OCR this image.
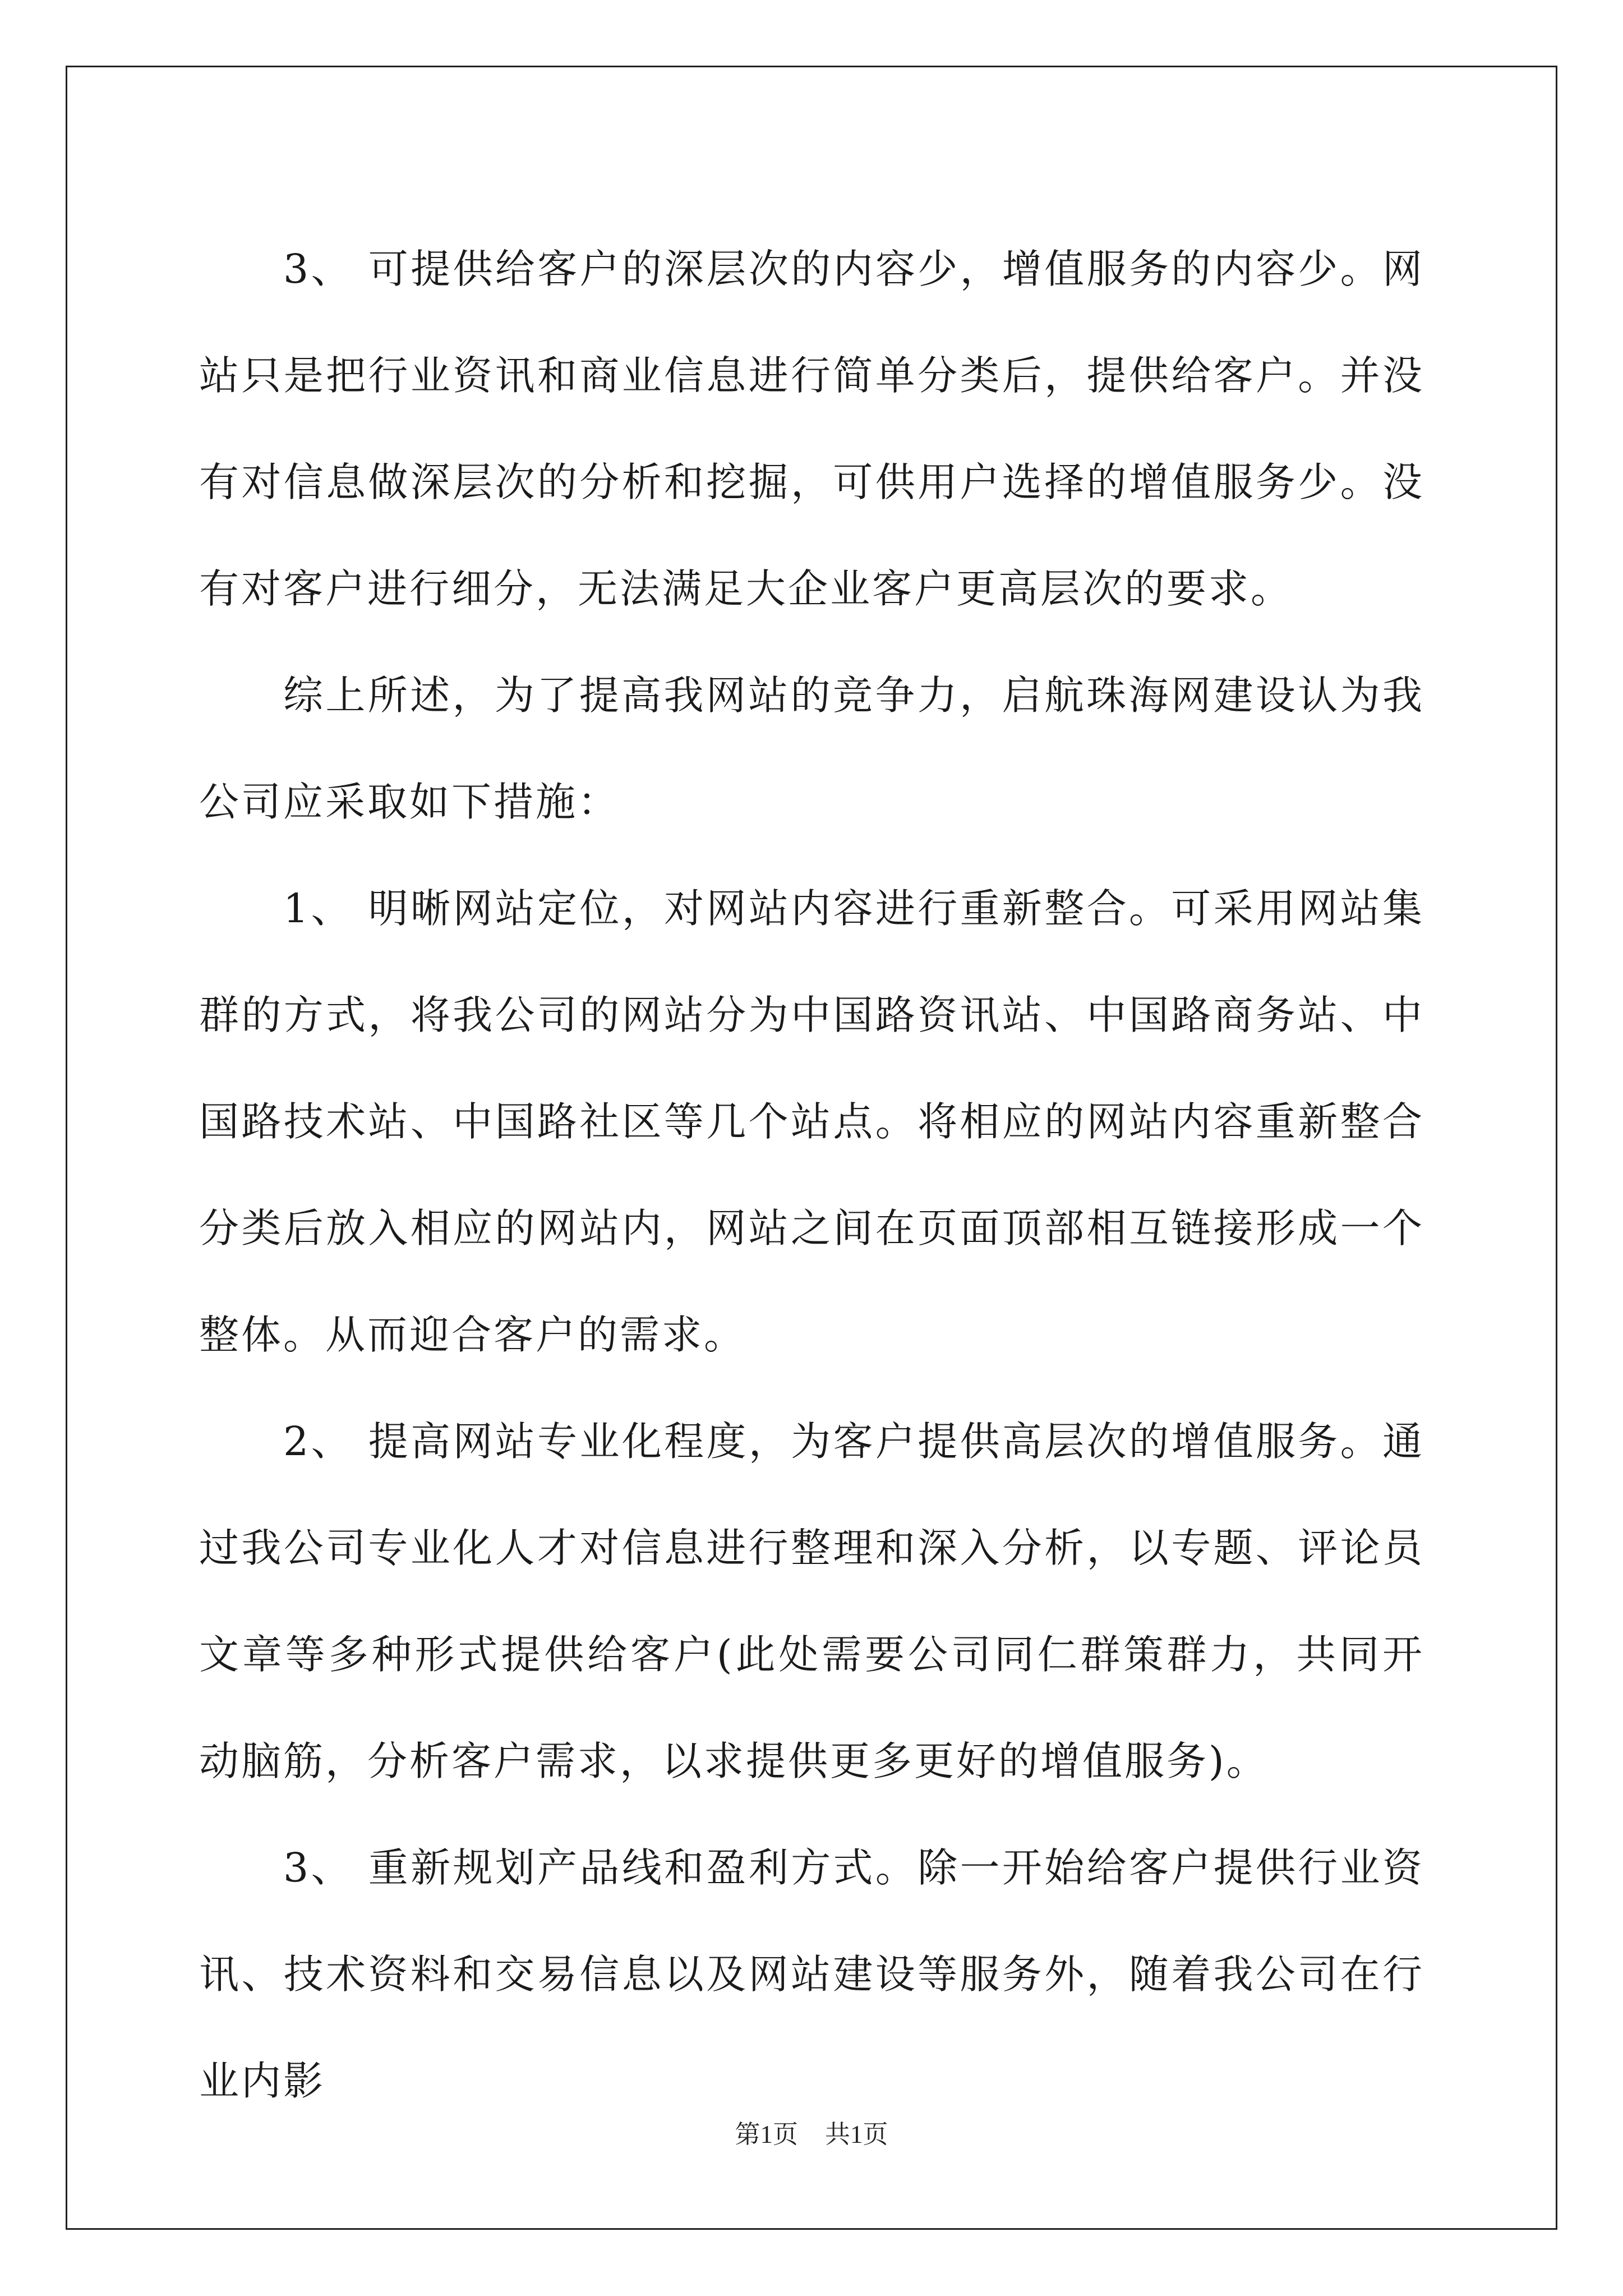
3、 可提供给客户的深层次的内容少，增值服务的内容少。网站只是把行业资讯和商业信息进行简单分类后，提供给客户。并没有对信息做深层次的分析和挖掘，可供用户选择的增值服务少。没有对客户进行细分，无法满足大企业客户更高层次的要求。

综上所述，为了提高我网站的竞争力，启航珠海网建设认为我公司应采取如下措施：

1、 明晰网站定位，对网站内容进行重新整合。可采用网站集群的方式，将我公司的网站分为中国路资讯站、中国路商务站、中国路技术站、中国路社区等几个站点。将相应的网站内容重新整合分类后放入相应的网站内，网站之间在页面顶部相互链接形成一个整体。从而迎合客户的需求。

2、 提高网站专业化程度，为客户提供高层次的增值服务。通过我公司专业化人才对信息进行整理和深入分析，以专题、评论员文章等多种形式提供给客户(此处需要公司同仁群策群力，共同开动脑筋，分析客户需求，以求提供更多更好的增值服务)。

3、 重新规划产品线和盈利方式。除一开始给客户提供行业资讯、技术资料和交易信息以及网站建设等服务外，随着我公司在行业内影

第1页 共1页
